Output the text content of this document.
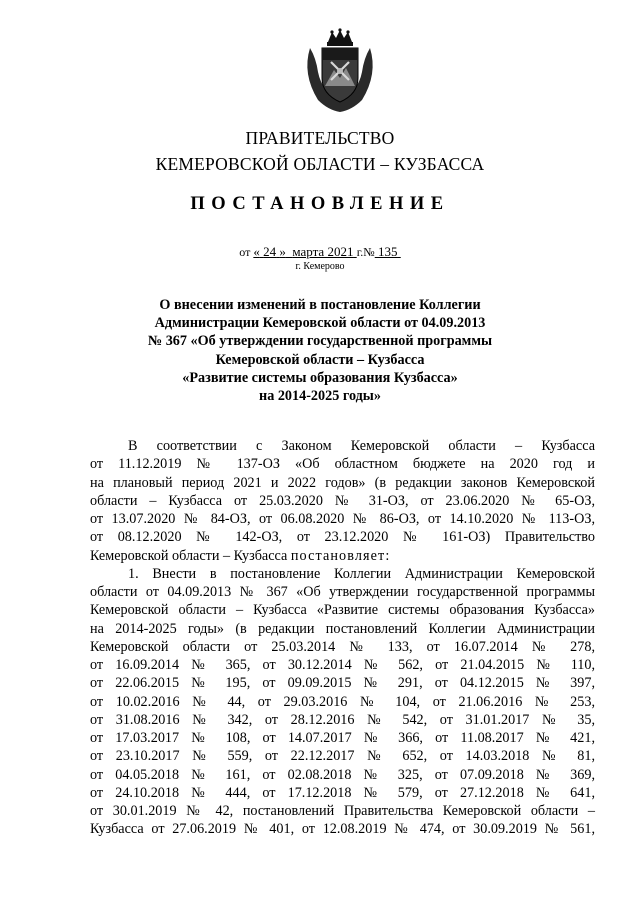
ПРАВИТЕЛЬСТВО
КЕМЕРОВСКОЙ ОБЛАСТИ – КУЗБАССА
ПОСТАНОВЛЕНИЕ
от « 24 » марта 2021 г.№ 135
г. Кемерово
О внесении изменений в постановление Коллегии
Администрации Кемеровской области от 04.09.2013
№ 367 «Об утверждении государственной программы
Кемеровской области – Кузбасса
«Развитие системы образования Кузбасса»
на 2014-2025 годы»

В соответствии с Законом Кемеровской области – Кузбасса

от 11.12.2019 № 137-ОЗ «Об областном бюджете на 2020 год и

на плановый период 2021 и 2022 годов» (в редакции законов Кемеровской

области – Кузбасса от 25.03.2020 № 31-ОЗ, от 23.06.2020 № 65-ОЗ,

от 13.07.2020 № 84-ОЗ, от 06.08.2020 № 86-ОЗ, от 14.10.2020 № 113-ОЗ,

от 08.12.2020 № 142-ОЗ, от 23.12.2020 № 161-ОЗ) Правительство

Кемеровской области – Кузбасса постановляет:

1. Внести в постановление Коллегии Администрации Кемеровской

области от 04.09.2013 № 367 «Об утверждении государственной программы

Кемеровской области – Кузбасса «Развитие системы образования Кузбасса»

на 2014-2025 годы» (в редакции постановлений Коллегии Администрации

Кемеровской области от 25.03.2014 № 133, от 16.07.2014 № 278,

от 16.09.2014 № 365, от 30.12.2014 № 562, от 21.04.2015 № 110,

от 22.06.2015 № 195, от 09.09.2015 № 291, от 04.12.2015 № 397,

от 10.02.2016 № 44, от 29.03.2016 № 104, от 21.06.2016 № 253,

от 31.08.2016 № 342, от 28.12.2016 № 542, от 31.01.2017 № 35,

от 17.03.2017 № 108, от 14.07.2017 № 366, от 11.08.2017 № 421,

от 23.10.2017 № 559, от 22.12.2017 № 652, от 14.03.2018 № 81,

от 04.05.2018 № 161, от 02.08.2018 № 325, от 07.09.2018 № 369,

от 24.10.2018 № 444, от 17.12.2018 № 579, от 27.12.2018 № 641,

от 30.01.2019 № 42, постановлений Правительства Кемеровской области –

Кузбасса от 27.06.2019 № 401, от 12.08.2019 № 474, от 30.09.2019 № 561,
